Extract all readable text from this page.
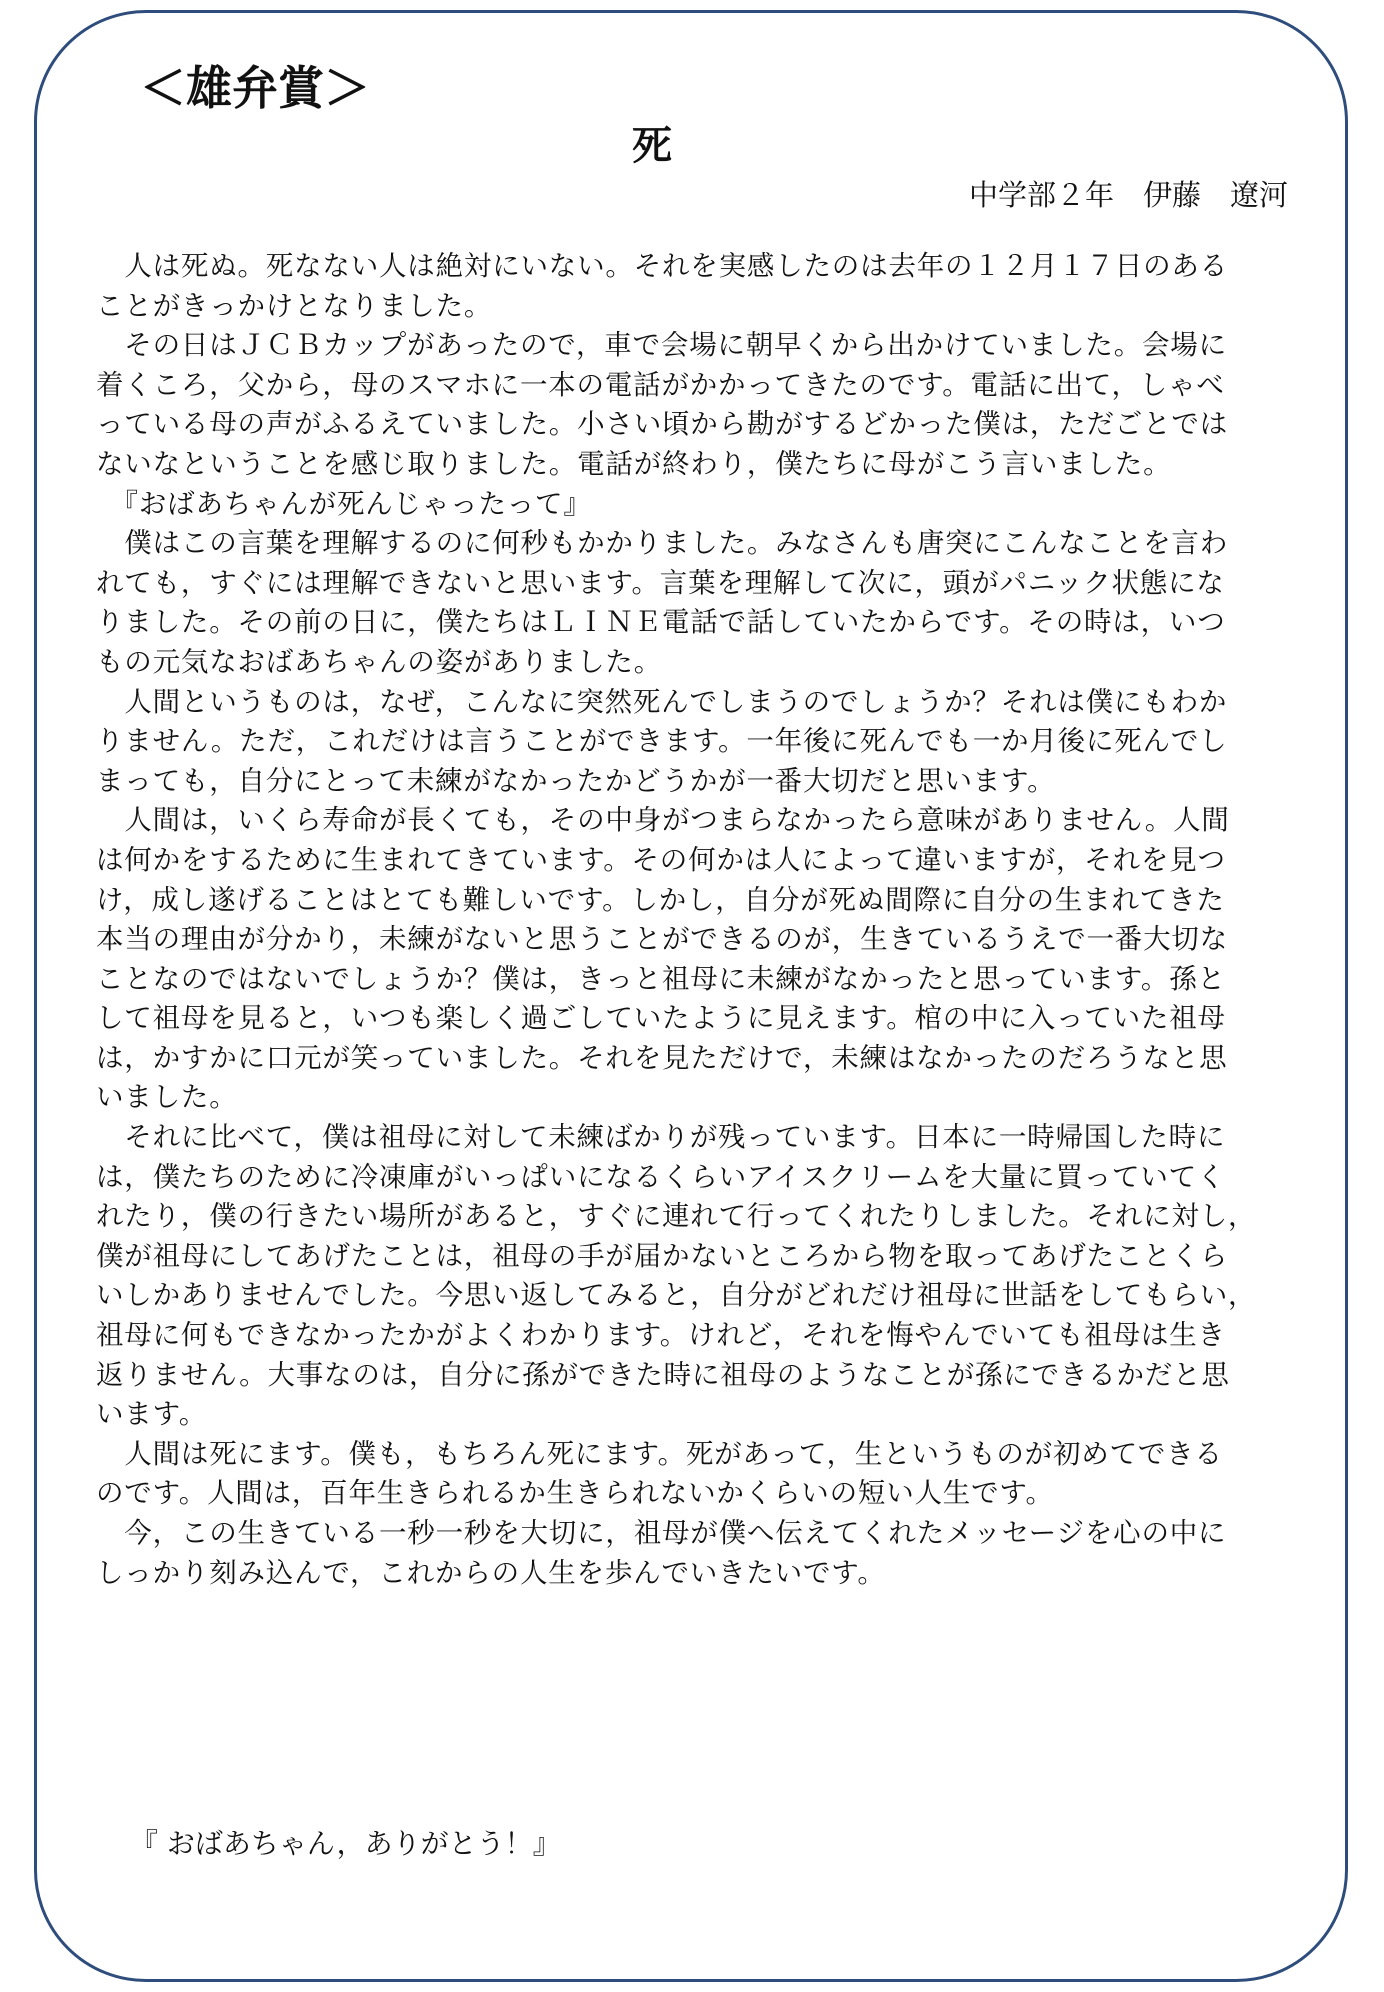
＜雄弁賞＞
死
中学部２年　伊藤　遼河
　人は死ぬ。死なない人は絶対にいない。それを実感したのは去年の１２月１７日のある
ことがきっかけとなりました。
　その日はＪＣＢカップがあったので，車で会場に朝早くから出かけていました。会場に
着くころ，父から，母のスマホに一本の電話がかかってきたのです。電話に出て，しゃべ
っている母の声がふるえていました。小さい頃から勘がするどかった僕は，ただごとでは
ないなということを感じ取りました。電話が終わり，僕たちに母がこう言いました。
　『おばあちゃんが死んじゃったって』
　僕はこの言葉を理解するのに何秒もかかりました。みなさんも唐突にこんなことを言わ
れても，すぐには理解できないと思います。言葉を理解して次に，頭がパニック状態にな
りました。その前の日に，僕たちはＬＩＮＥ電話で話していたからです。その時は，いつ
もの元気なおばあちゃんの姿がありました。
　人間というものは，なぜ，こんなに突然死んでしまうのでしょうか？それは僕にもわか
りません。ただ，これだけは言うことができます。一年後に死んでも一か月後に死んでし
まっても，自分にとって未練がなかったかどうかが一番大切だと思います。
　人間は，いくら寿命が長くても，その中身がつまらなかったら意味がありません。人間
は何かをするために生まれてきています。その何かは人によって違いますが，それを見つ
け，成し遂げることはとても難しいです。しかし，自分が死ぬ間際に自分の生まれてきた
本当の理由が分かり，未練がないと思うことができるのが，生きているうえで一番大切な
ことなのではないでしょうか？僕は，きっと祖母に未練がなかったと思っています。孫と
して祖母を見ると，いつも楽しく過ごしていたように見えます。棺の中に入っていた祖母
は，かすかに口元が笑っていました。それを見ただけで，未練はなかったのだろうなと思
いました。
　それに比べて，僕は祖母に対して未練ばかりが残っています。日本に一時帰国した時に
は，僕たちのために冷凍庫がいっぱいになるくらいアイスクリームを大量に買っていてく
れたり，僕の行きたい場所があると，すぐに連れて行ってくれたりしました。それに対し，
僕が祖母にしてあげたことは，祖母の手が届かないところから物を取ってあげたことくら
いしかありませんでした。今思い返してみると，自分がどれだけ祖母に世話をしてもらい，
祖母に何もできなかったかがよくわかります。けれど，それを悔やんでいても祖母は生き
返りません。大事なのは，自分に孫ができた時に祖母のようなことが孫にできるかだと思
います。
　人間は死にます。僕も，もちろん死にます。死があって，生というものが初めてできる
のです。人間は，百年生きられるか生きられないかくらいの短い人生です。
　今，この生きている一秒一秒を大切に，祖母が僕へ伝えてくれたメッセージを心の中に
しっかり刻み込んで，これからの人生を歩んでいきたいです。
『 おばあちゃん，ありがとう！』
